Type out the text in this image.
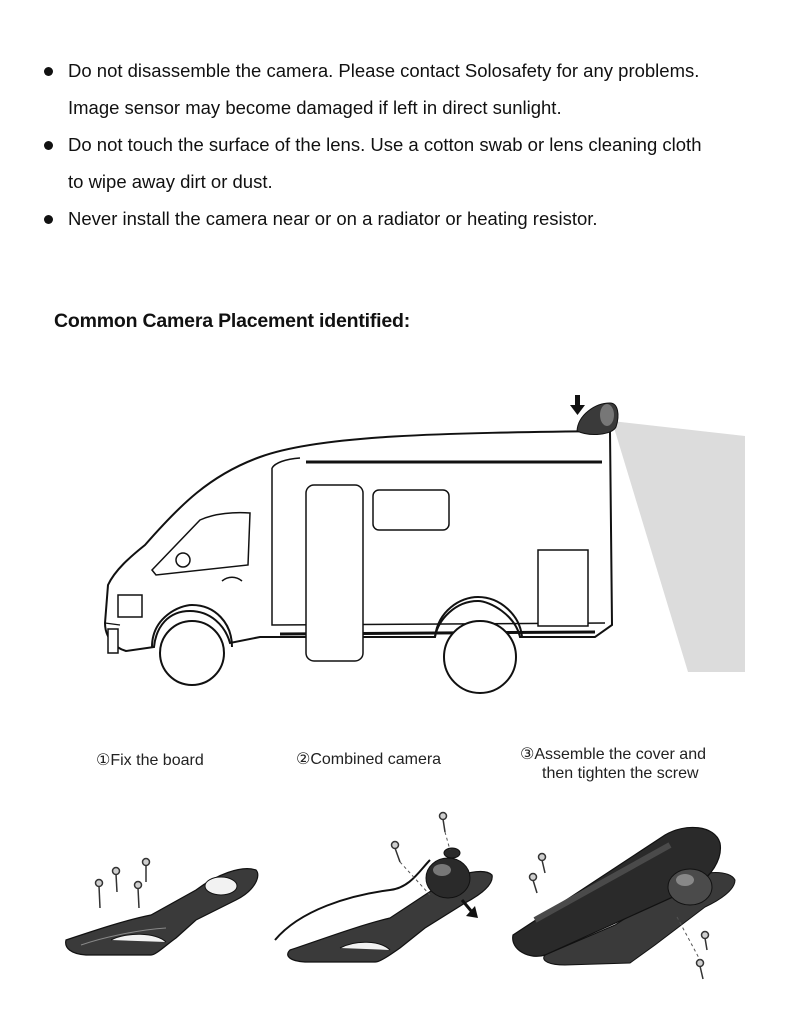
Do not disassemble the camera. Please contact Solosafety for any problems.
Image sensor may become damaged if left in direct sunlight.
Do not touch the surface of the lens. Use a cotton swab or lens cleaning cloth
to wipe away dirt or dust.
Never install the camera near or on a radiator or heating resistor.
Common Camera Placement identified:
①Fix the board	②Combined camera	③Assemble the cover and
then tighten the screw
